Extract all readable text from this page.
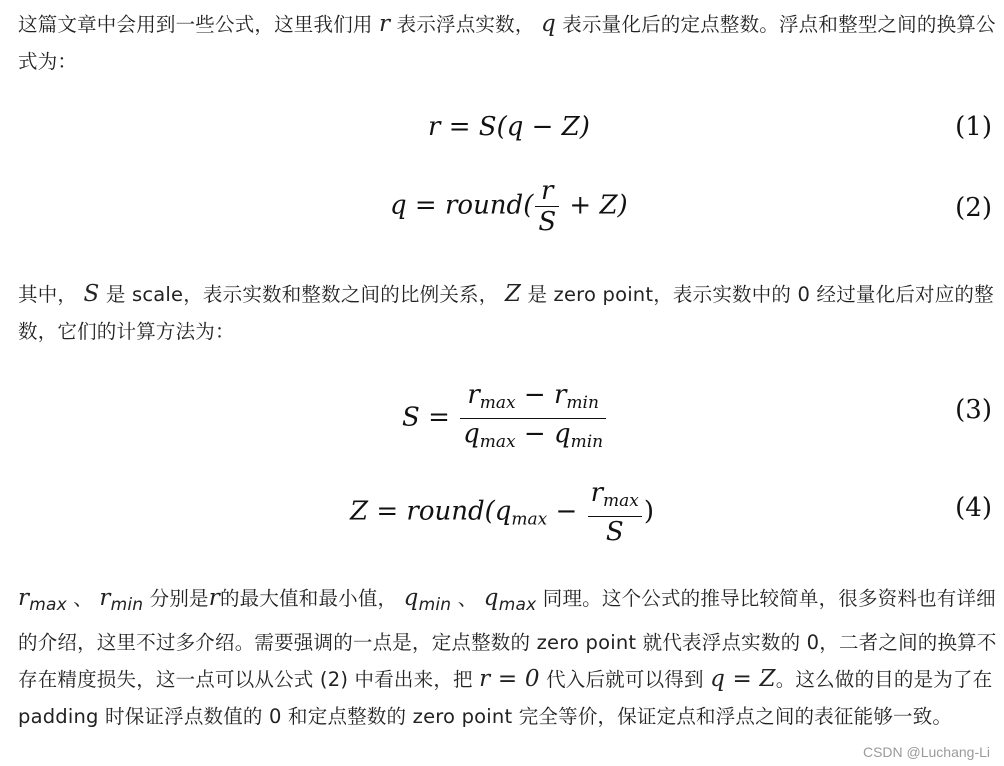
这篇文章中会用到一些公式，这里我们用 r 表示浮点实数， q 表示量化后的定点整数。浮点和整型之间的换算公式为：
r = S(q − Z)	(1)
q = round( $\frac{r}{S} + Z$)	(2)
其中， S 是 scale，表示实数和整数之间的比例关系， Z 是 zero point，表示实数中的 0 经过量化后对应的整数，它们的计算方法为：
$S = \frac{r_{max} - r_{min}}{q_{max} - q_{min}}$	(3)
$Z = round(q_{max} - \frac{r_{max}}{S}$ )	(4)
rmax 、 rmin 分别是r的最大值和最小值， qmin 、 qmax 同理。这个公式的推导比较简单，很多资料也有详细的介绍，这里不过多介绍。需要强调的一点是，定点整数的 zero point 就代表浮点实数的 0，二者之间的换算不存在精度损失，这一点可以从公式 (2) 中看出来，把 r = 0 代入后就可以得到 q = Z。这么做的目的是为了在 padding 时保证浮点数值的 0 和定点整数的 zero point 完全等价，保证定点和浮点之间的表征能够一致。
CSDN @Luchang-Li
